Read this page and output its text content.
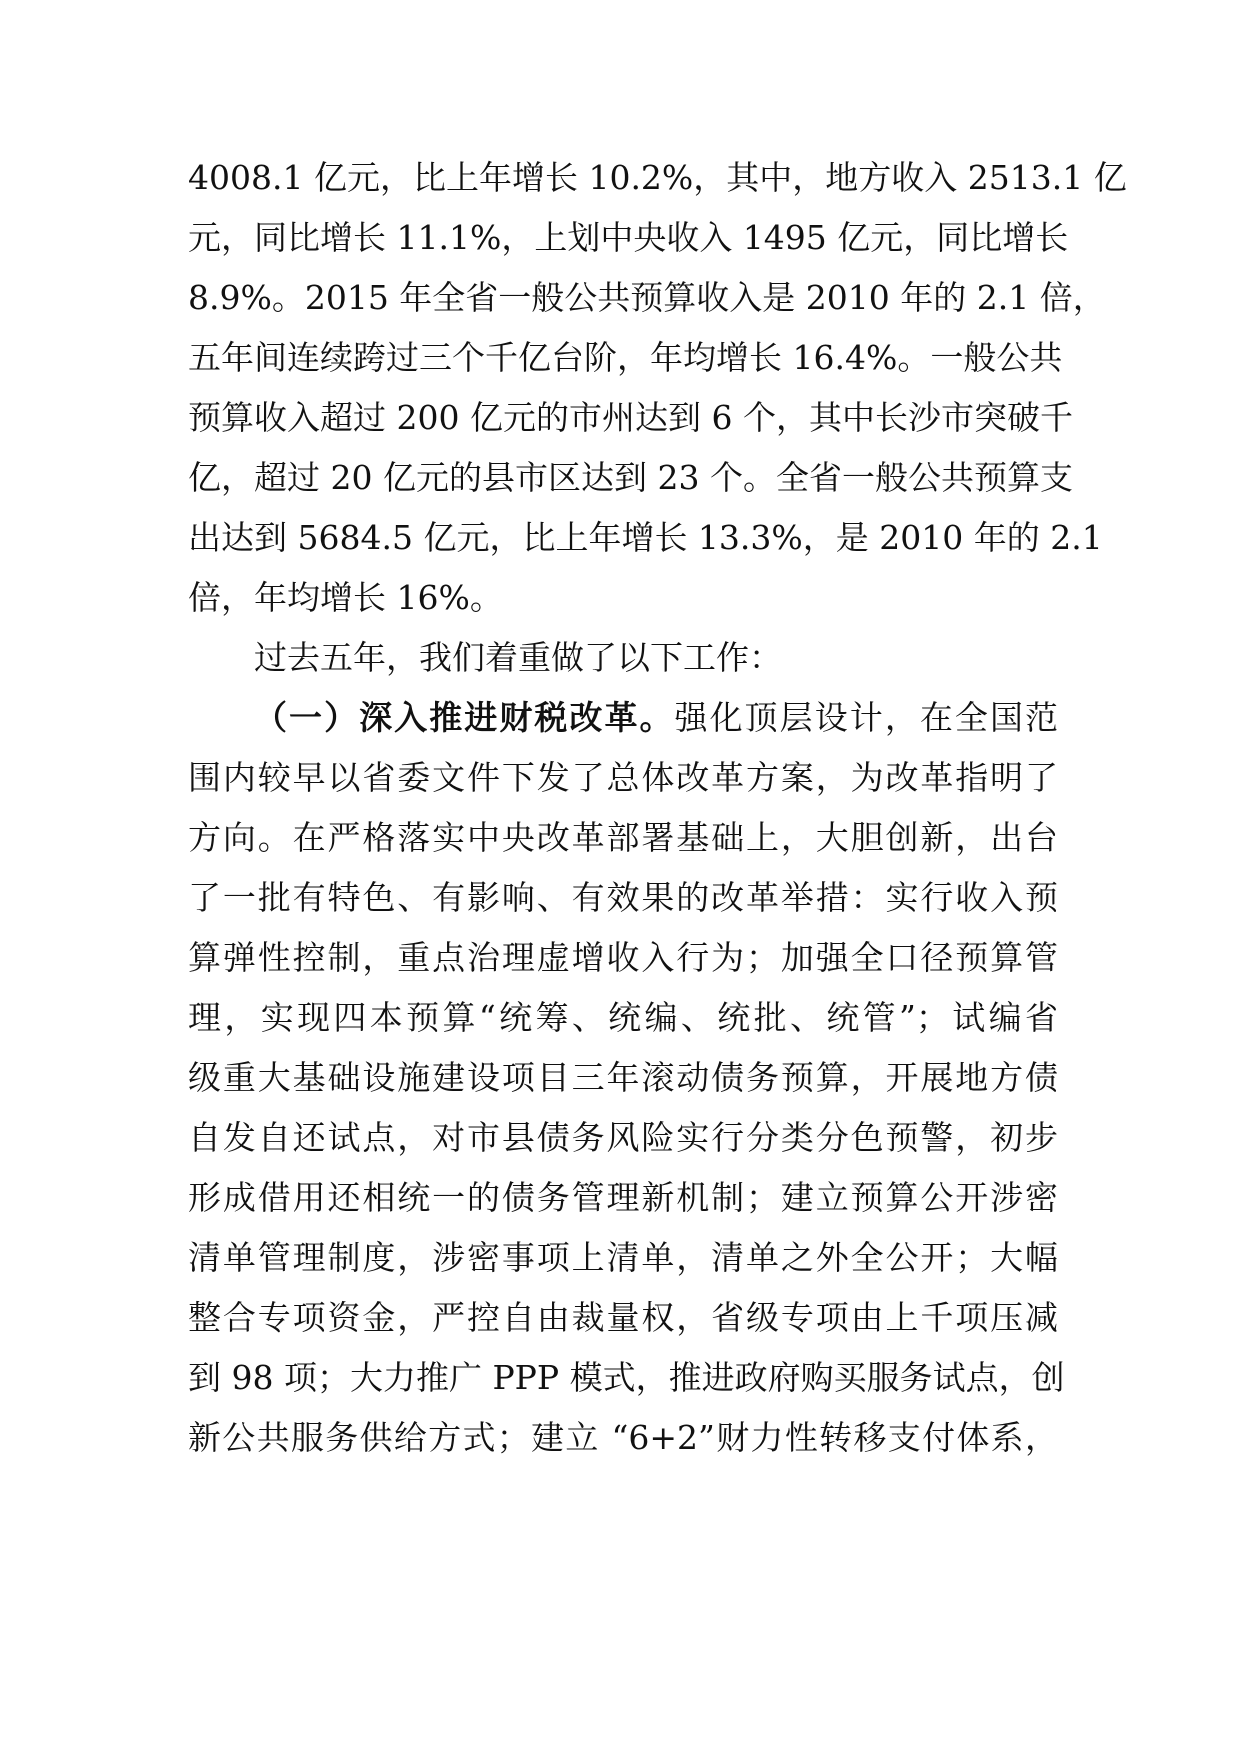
4008.1 亿元，比上年增长 10.2%，其中，地方收入 2513.1 亿
元，同比增长 11.1%，上划中央收入 1495 亿元，同比增长
8.9%。2015 年全省一般公共预算收入是 2010 年的 2.1 倍，
五年间连续跨过三个千亿台阶，年均增长 16.4%。一般公共
预算收入超过 200 亿元的市州达到 6 个，其中长沙市突破千
亿，超过 20 亿元的县市区达到 23 个。全省一般公共预算支
出达到 5684.5 亿元，比上年增长 13.3%，是 2010 年的 2.1
倍，年均增长 16%。
过去五年，我们着重做了以下工作：
（一）深入推进财税改革。强化顶层设计，在全国范
围内较早以省委文件下发了总体改革方案，为改革指明了
方向。在严格落实中央改革部署基础上，大胆创新，出台
了一批有特色、有影响、有效果的改革举措：实行收入预
算弹性控制，重点治理虚增收入行为；加强全口径预算管
理，实现四本预算“统筹、统编、统批、统管”；试编省
级重大基础设施建设项目三年滚动债务预算，开展地方债
自发自还试点，对市县债务风险实行分类分色预警，初步
形成借用还相统一的债务管理新机制；建立预算公开涉密
清单管理制度，涉密事项上清单，清单之外全公开；大幅
整合专项资金，严控自由裁量权，省级专项由上千项压减
到 98 项；大力推广 PPP 模式，推进政府购买服务试点，创
新公共服务供给方式；建立 “6+2”财力性转移支付体系，
